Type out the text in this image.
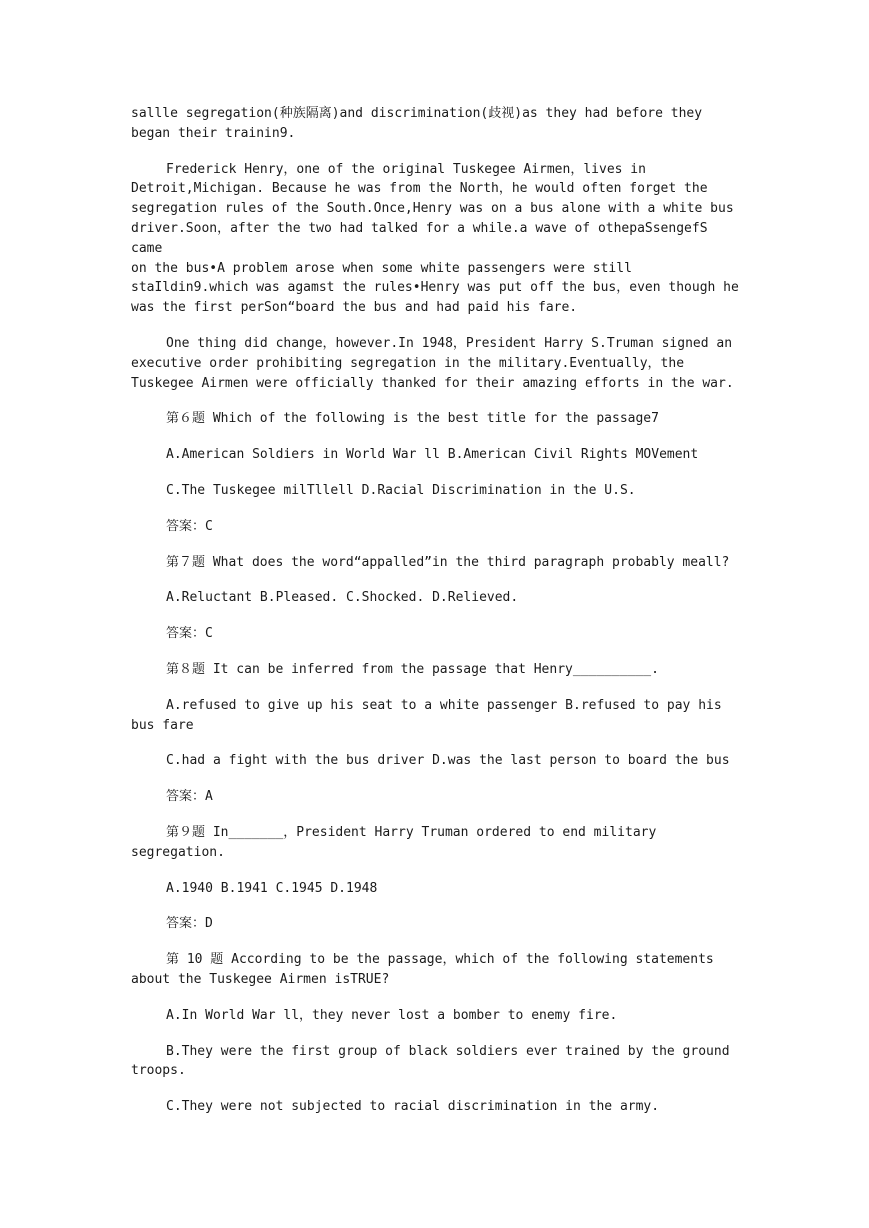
sallle segregation(种族隔离)and discrimination(歧视)as they had before they
began their trainin9.
Frederick Henry，one of the original Tuskegee Airmen，lives in
Detroit,Michigan. Because he was from the North，he would often forget the
segregation rules of the South.Once,Henry was on a bus alone with a white bus
driver.Soon，after the two had talked for a while.a wave of othepaSsengefS came
on the bus•A problem arose when some white passengers were still
staIldin9.which was agamst the rules•Henry was put off the bus，even though he
was the first perSon“board the bus and had paid his fare.
One thing did change，however.In 1948，President Harry S.Truman signed an
executive order prohibiting segregation in the military.Eventually，the
Tuskegee Airmen were officially thanked for their amazing efforts in the war.
第６题 Which of the following is the best title for the passage7
A.American Soldiers in World War ll B.American Civil Rights MOVement
C.The Tuskegee milTllell D.Racial Discrimination in the U.S.
答案：C
第７题 What does the word“appalled”in the third paragraph probably meall?
A.Reluctant B.Pleased. C.Shocked. D.Relieved.
答案：C
第８题 It can be inferred from the passage that Henry__________.
A.refused to give up his seat to a white passenger B.refused to pay his
bus fare
C.had a fight with the bus driver D.was the last person to board the bus
答案：A
第９题 In_______，President Harry Truman ordered to end military
segregation.
A.1940 B.1941 C.1945 D.1948
答案：D
第 10 题 According to be the passage，which of the following statements
about the Tuskegee Airmen isTRUE?
A.In World War ll，they never lost a bomber to enemy fire.
B.They were the first group of black soldiers ever trained by the ground
troops.
C.They were not subjected to racial discrimination in the army.
